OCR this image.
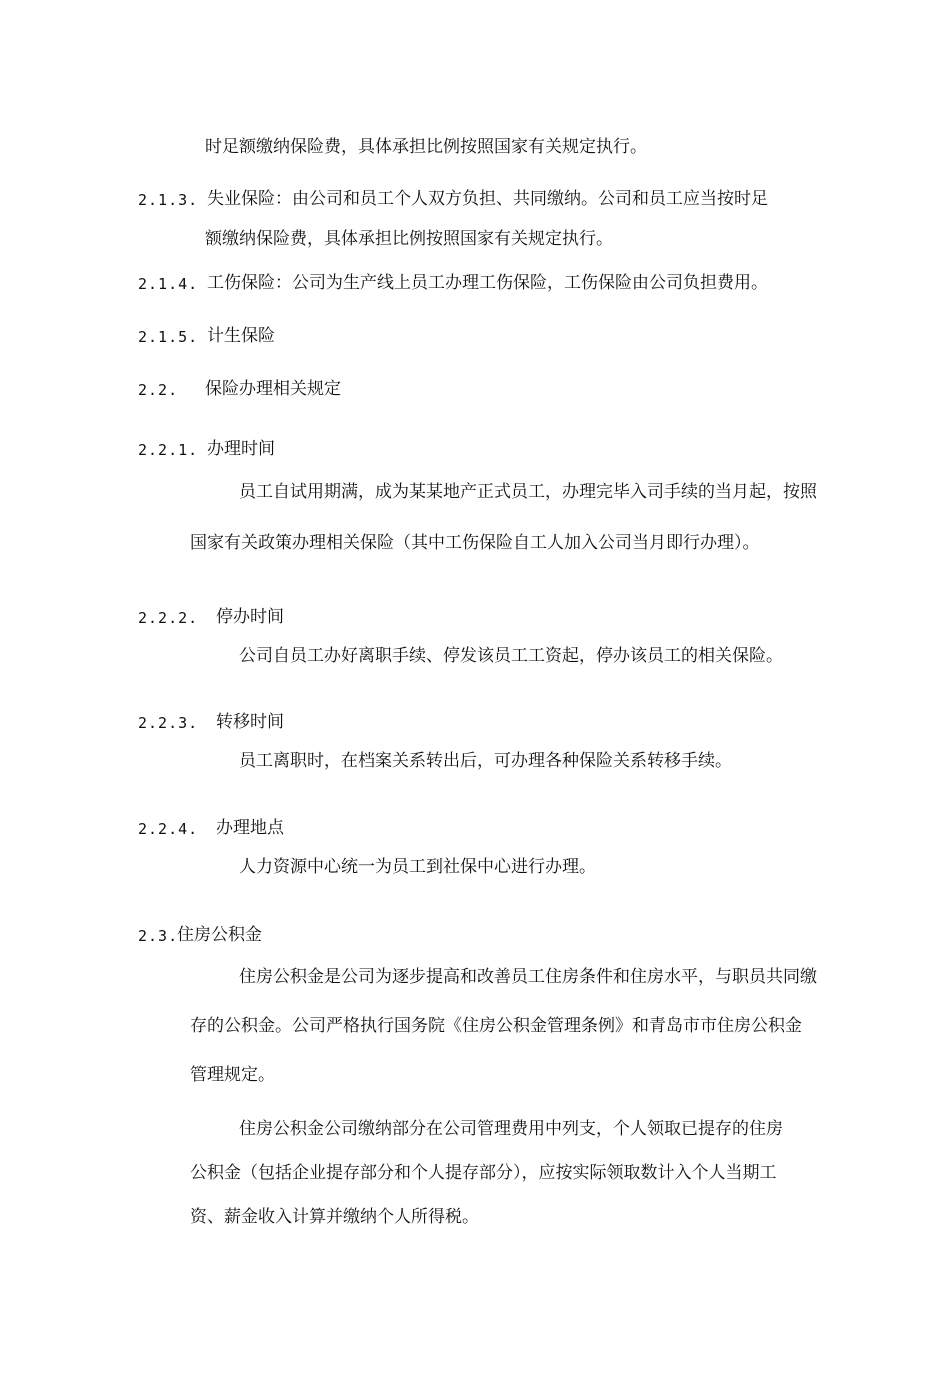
时足额缴纳保险费，具体承担比例按照国家有关规定执行。
2.1.3. 失业保险：由公司和员工个人双方负担、共同缴纳。公司和员工应当按时足
额缴纳保险费，具体承担比例按照国家有关规定执行。
2.1.4. 工伤保险：公司为生产线上员工办理工伤保险，工伤保险由公司负担费用。
2.1.5. 计生保险
2.2. 保险办理相关规定
2.2.1. 办理时间
员工自试用期满，成为某某地产正式员工，办理完毕入司手续的当月起，按照
国家有关政策办理相关保险（其中工伤保险自工人加入公司当月即行办理）。
2.2.2. 停办时间
公司自员工办好离职手续、停发该员工工资起，停办该员工的相关保险。
2.2.3. 转移时间
员工离职时，在档案关系转出后，可办理各种保险关系转移手续。
2.2.4. 办理地点
人力资源中心统一为员工到社保中心进行办理。
2.3.
住房公积金
住房公积金是公司为逐步提高和改善员工住房条件和住房水平，与职员共同缴
存的公积金。公司严格执行国务院《住房公积金管理条例》和青岛市市住房公积金
管理规定。
住房公积金公司缴纳部分在公司管理费用中列支，个人领取已提存的住房
公积金（包括企业提存部分和个人提存部分），应按实际领取数计入个人当期工
资、薪金收入计算并缴纳个人所得税。
